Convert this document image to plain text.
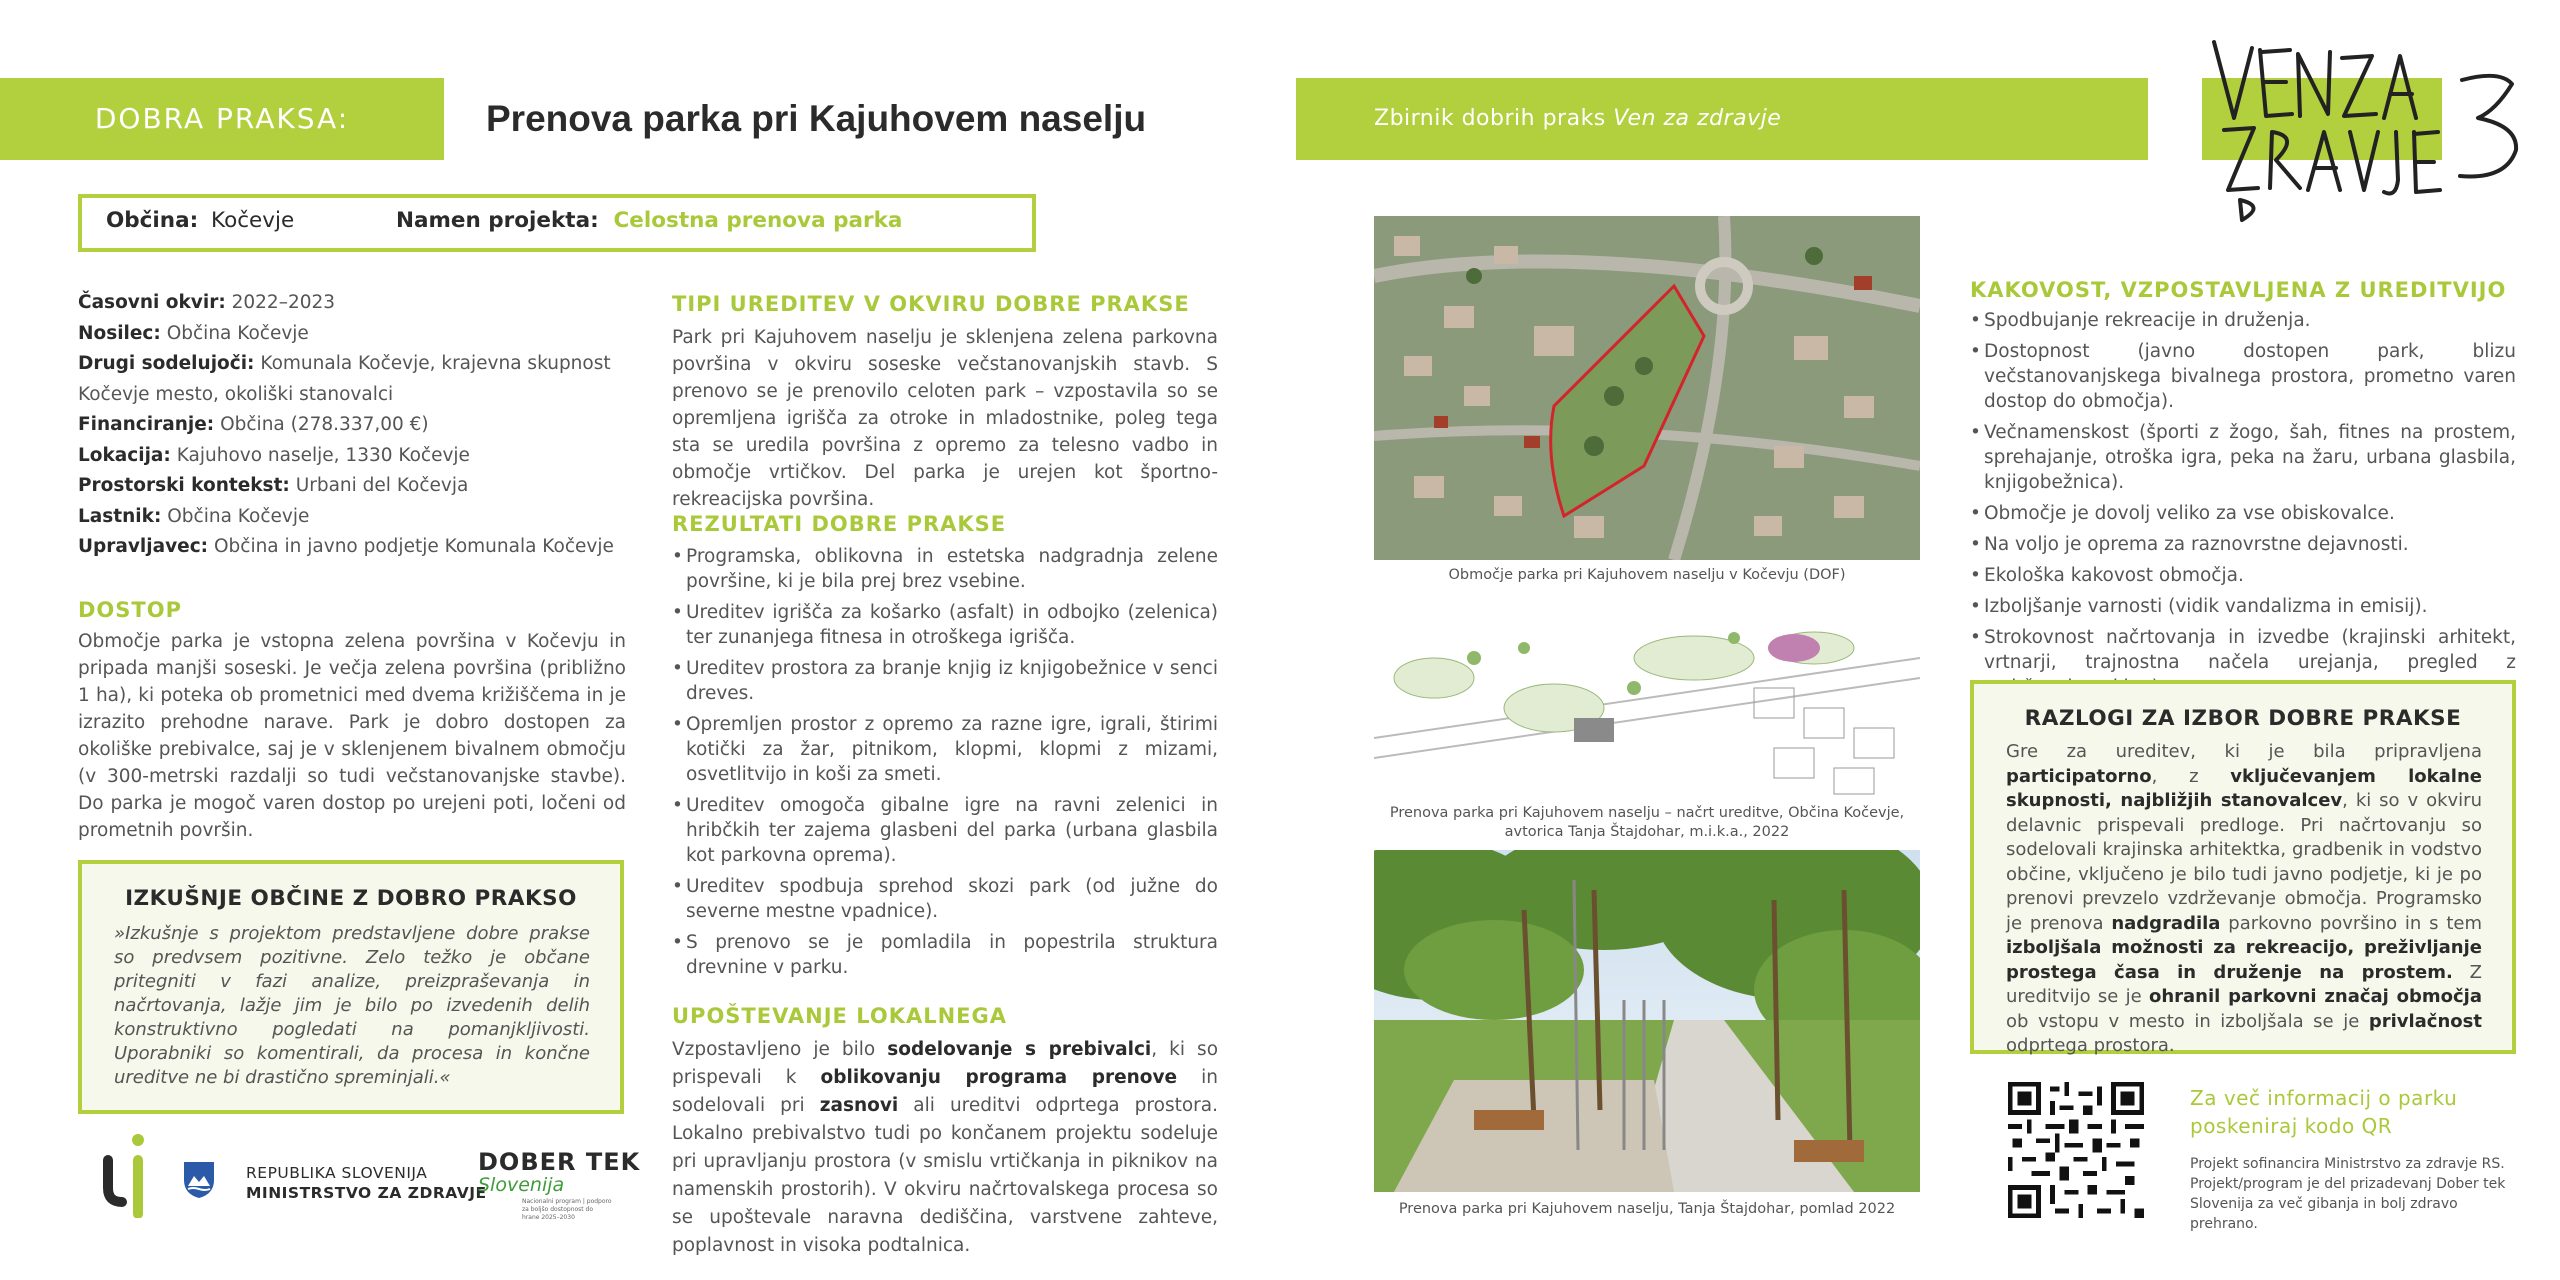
DOBRA PRAKSA:	Prenova parka pri Kajuhovem naselju	Zbirnik dobrih praks Ven za zdravje
Občina: Kočevje	Namen projekta: Celostna prenova parka
Časovni okvir: 2022–2023
Nosilec: Občina Kočevje
Drugi sodelujoči: Komunala Kočevje, krajevna skupnost
Kočevje mesto, okoliški stanovalci
Financiranje: Občina (278.337,00 €)
Lokacija: Kajuhovo naselje, 1330 Kočevje
Prostorski kontekst: Urbani del Kočevja
Lastnik: Občina Kočevje
Upravljavec: Občina in javno podjetje Komunala Kočevje
DOSTOP
Območje parka je vstopna zelena površina v Kočevju in pripada manjši soseski. Je večja zelena površina (približno 1 ha), ki poteka ob prometnici med dvema križiščema in je izrazito prehodne narave. Park je dobro dostopen za okoliške prebivalce, saj je v sklenjenem bivalnem območju (v 300-metrski razdalji so tudi večstanovanjske stavbe). Do parka je mogoč varen dostop po urejeni poti, ločeni od prometnih površin.
IZKUŠNJE OBČINE Z DOBRO PRAKSO
»Izkušnje s projektom predstavljene dobre prakse so predvsem pozitivne. Zelo težko je občane pritegniti v fazi analize, preizpraševanja in načrtovanja, lažje jim je bilo po izvedenih delih konstruktivno pogledati na pomanjkljivosti. Uporabniki so komentirali, da procesa in končne ureditve ne bi drastično spreminjali.«
REPUBLIKA SLOVENIJA
MINISTRSTVO ZA ZDRAVJE
DOBER TEK
Slovenija
Nacionalni program | podporo za boljšo dostopnost do hrane 2025–2030
TIPI UREDITEV V OKVIRU DOBRE PRAKSE
Park pri Kajuhovem naselju je sklenjena zelena parkovna površina v okviru soseske večstanovanjskih stavb. S prenovo se je prenovilo celoten park – vzpostavila so se opremljena igrišča za otroke in mladostnike, poleg tega sta se uredila površina z opremo za telesno vadbo in območje vrtičkov. Del parka je urejen kot športno-rekreacijska površina.
REZULTATI DOBRE PRAKSE
• Programska, oblikovna in estetska nadgradnja zelene površine, ki je bila prej brez vsebine.
• Ureditev igrišča za košarko (asfalt) in odbojko (zelenica) ter zunanjega fitnesa in otroškega igrišča.
• Ureditev prostora za branje knjig iz knjigobežnice v senci dreves.
• Opremljen prostor z opremo za razne igre, igrali, štirimi kotički za žar, pitnikom, klopmi, klopmi z mizami, osvetlitvijo in koši za smeti.
• Ureditev omogoča gibalne igre na ravni zelenici in hribčkih ter zajema glasbeni del parka (urbana glasbila kot parkovna oprema).
• Ureditev spodbuja sprehod skozi park (od južne do severne mestne vpadnice).
• S prenovo se je pomladila in popestrila struktura drevnine v parku.
UPOŠTEVANJE LOKALNEGA
Vzpostavljeno je bilo sodelovanje s prebivalci, ki so prispevali k oblikovanju programa prenove in sodelovali pri zasnovi ali ureditvi odprtega prostora. Lokalno prebivalstvo tudi po končanem projektu sodeluje pri upravljanju prostora (v smislu vrtičkanja in piknikov na namenskih prostorih). V okviru načrtovalskega procesa so se upoštevale naravna dediščina, varstvene zahteve, poplavnost in visoka podtalnica.
Območje parka pri Kajuhovem naselju v Kočevju (DOF)
Prenova parka pri Kajuhovem naselju – načrt ureditve, Občina Kočevje, avtorica Tanja Štajdohar, m.i.k.a., 2022
Prenova parka pri Kajuhovem naselju, Tanja Štajdohar, pomlad 2022
KAKOVOST, VZPOSTAVLJENA Z UREDITVIJO
• Spodbujanje rekreacije in druženja.
• Dostopnost (javno dostopen park, blizu večstanovanjskega bivalnega prostora, prometno varen dostop do območja).
• Večnamenskost (športi z žogo, šah, fitnes na prostem, sprehajanje, otroška igra, peka na žaru, urbana glasbila, knjigobežnica).
• Območje je dovolj veliko za vse obiskovalce.
• Na voljo je oprema za raznovrstne dejavnosti.
• Ekološka kakovost območja.
• Izboljšanje varnosti (vidik vandalizma in emisij).
• Strokovnost načrtovanja in izvedbe (krajinski arhitekt, vrtnarji, trajnostna načela urejanja, pregled z
RAZLOGI ZA IZBOR DOBRE PRAKSE
Gre za ureditev, ki je bila pripravljena participatorno, z vključevanjem lokalne skupnosti, najbližjih stanovalcev, ki so v okviru delavnic prispevali predloge. Pri načrtovanju so sodelovali krajinska arhitektka, gradbenik in vodstvo občine, vključeno je bilo tudi javno podjetje, ki je po prenovi prevzelo vzdrževanje območja. Programsko je prenova nadgradila parkovno površino in s tem izboljšala možnosti za rekreacijo, preživljanje prostega časa in druženje na prostem. Z ureditvijo se je ohranil parkovni značaj območja ob vstopu v mesto in izboljšala se je privlačnost odprtega prostora.
Za več informacij o parku
poskeniraj kodo QR
Projekt sofinancira Ministrstvo za zdravje RS. Projekt/program je del prizadevanj Dober tek Slovenija za več gibanja in bolj zdravo prehrano.
